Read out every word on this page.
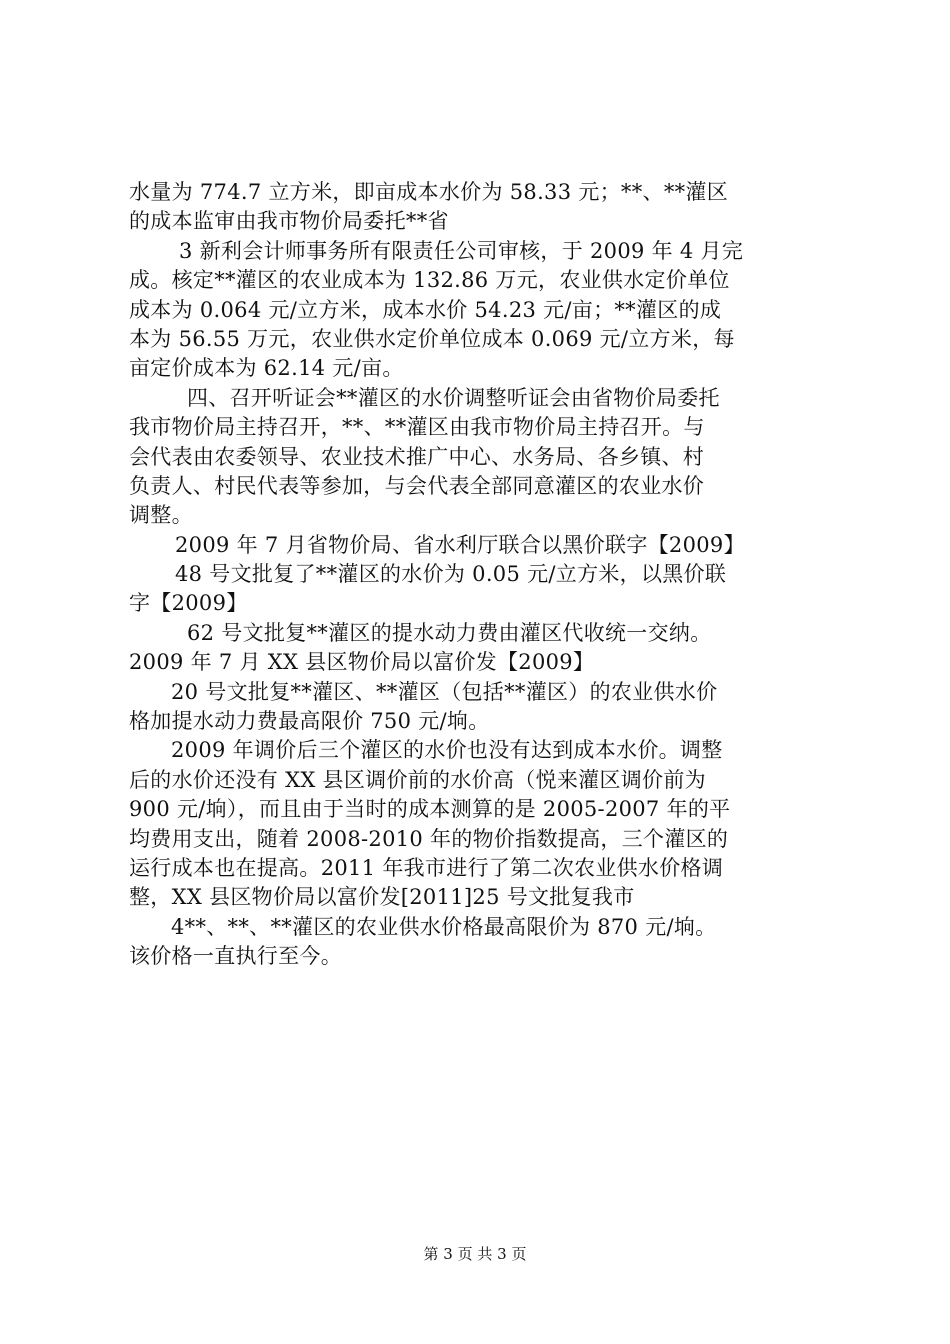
水量为 774.7 立方米，即亩成本水价为 58.33 元；**、**灌区
的成本监审由我市物价局委托**省
3 新利会计师事务所有限责任公司审核，于 2009 年 4 月完
成。核定**灌区的农业成本为 132.86 万元，农业供水定价单位
成本为 0.064 元/立方米，成本水价 54.23 元/亩；**灌区的成
本为 56.55 万元，农业供水定价单位成本 0.069 元/立方米，每
亩定价成本为 62.14 元/亩。
四、召开听证会**灌区的水价调整听证会由省物价局委托
我市物价局主持召开，**、**灌区由我市物价局主持召开。与
会代表由农委领导、农业技术推广中心、水务局、各乡镇、村
负责人、村民代表等参加，与会代表全部同意灌区的农业水价
调整。
2009 年 7 月省物价局、省水利厅联合以黑价联字【2009】
48 号文批复了**灌区的水价为 0.05 元/立方米，以黑价联
字【2009】
62 号文批复**灌区的提水动力费由灌区代收统一交纳。
2009 年 7 月 XX 县区物价局以富价发【2009】
20 号文批复**灌区、**灌区（包括**灌区）的农业供水价
格加提水动力费最高限价 750 元/垧。
2009 年调价后三个灌区的水价也没有达到成本水价。调整
后的水价还没有 XX 县区调价前的水价高（悦来灌区调价前为
900 元/垧），而且由于当时的成本测算的是 2005-2007 年的平
均费用支出，随着 2008-2010 年的物价指数提高，三个灌区的
运行成本也在提高。2011 年我市进行了第二次农业供水价格调
整，XX 县区物价局以富价发[2011]25 号文批复我市
4**、**、**灌区的农业供水价格最高限价为 870 元/垧。
该价格一直执行至今。
第 3 页 共 3 页
